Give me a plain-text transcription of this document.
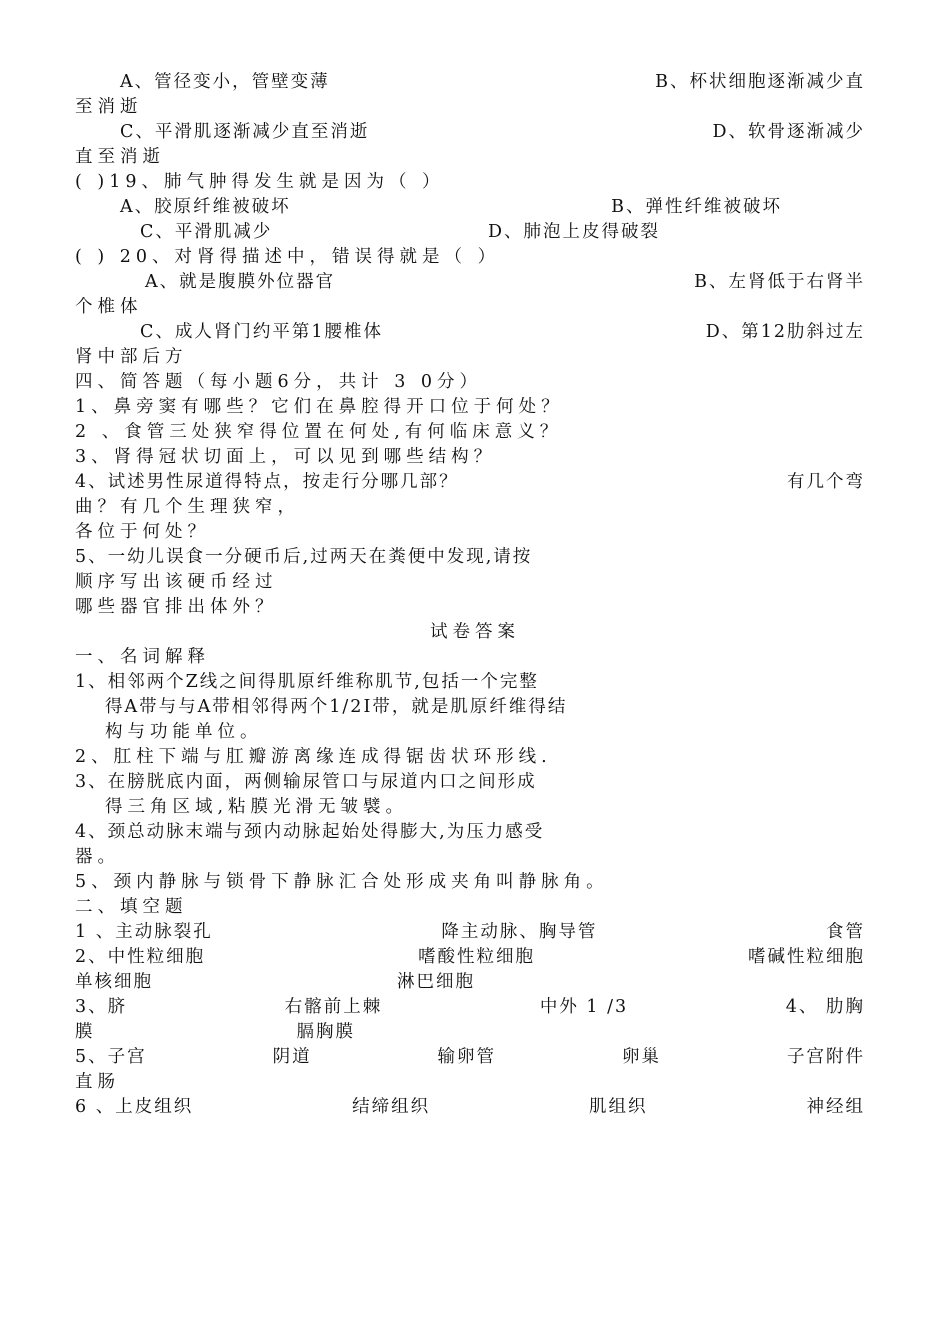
A、管径变小，管壁变薄	B、杯状细胞逐渐减少直
至消逝
C、平滑肌逐渐减少直至消逝	D、软骨逐渐减少
直至消逝
( )19、肺气肿得发生就是因为（ ）
A、胶原纤维被破坏	B、弹性纤维被破坏
C、平滑肌减少	D、肺泡上皮得破裂
( ) 20、对肾得描述中，错误得就是（ ）
A、就是腹膜外位器官	B、左肾低于右肾半
个椎体
C、成人肾门约平第1腰椎体	D、第12肋斜过左
肾中部后方
四、简答题（每小题6分，共计 3 0分）
1、鼻旁窦有哪些？它们在鼻腔得开口位于何处？
2 、食管三处狭窄得位置在何处,有何临床意义？
3、肾得冠状切面上，可以见到哪些结构？
4、试述男性尿道得特点，按走行分哪几部？	有几个弯
曲？有几个生理狭窄，
各位于何处？
5、一幼儿误食一分硬币后,过两天在粪便中发现,请按
顺序写出该硬币经过
哪些器官排出体外？
试卷答案
一、名词解释
1、相邻两个Z线之间得肌原纤维称肌节,包括一个完整
得A带与与A带相邻得两个1/2I带，就是肌原纤维得结
构与功能单位。
2、肛柱下端与肛瓣游离缘连成得锯齿状环形线.
3、在膀胱底内面，两侧输尿管口与尿道内口之间形成
得三角区域,粘膜光滑无皱襞。
4、颈总动脉末端与颈内动脉起始处得膨大,为压力感受
器。
5、颈内静脉与锁骨下静脉汇合处形成夹角叫静脉角。
二、填空题
1 、主动脉裂孔	降主动脉、胸导管	食管
2、中性粒细胞	嗜酸性粒细胞	嗜碱性粒细胞
单核细胞	淋巴细胞
3、脐	右髂前上棘	中外 1 /3	4、 肋胸
膜	膈胸膜
5、子宫	阴道	输卵管	卵巢	子宫附件
直肠
6 、上皮组织	结缔组织	肌组织	神经组
